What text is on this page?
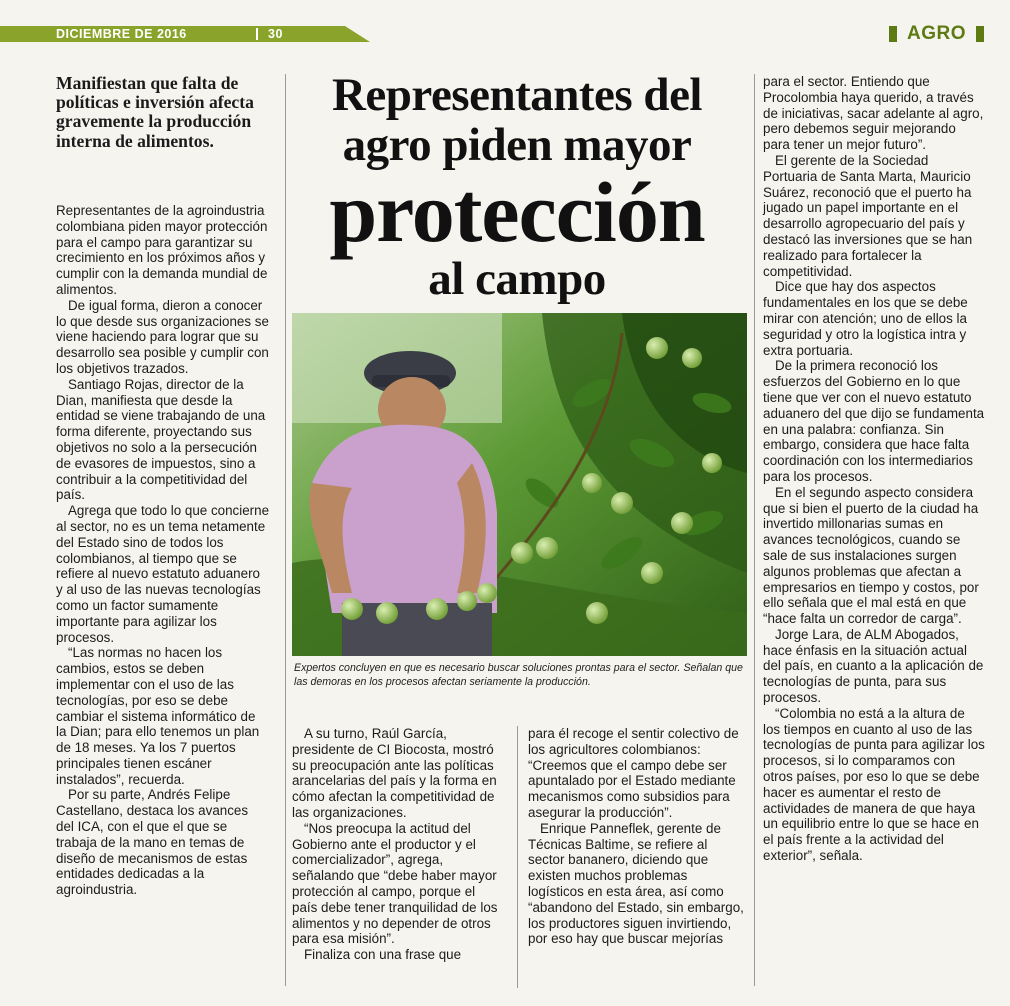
DICIEMBRE DE 2016	30	AGRO
Manifiestan que falta de políticas e inversión afecta gravemente la producción interna de alimentos.
Representantes del
agro piden mayor
protección
al campo
Expertos concluyen en que es necesario buscar soluciones prontas para el sector. Señalan que las demoras en los procesos afectan seriamente la producción.

Representantes de la agroindustria colombiana piden mayor protección para el campo para garantizar su crecimiento en los próximos años y cumplir con la demanda mundial de alimentos.

De igual forma, dieron a conocer lo que desde sus organizaciones se viene haciendo para lograr que su desarrollo sea posible y cumplir con los objetivos trazados.

Santiago Rojas, director de la Dian, manifiesta que desde la entidad se viene trabajando de una forma diferente, proyectando sus objetivos no solo a la persecución de evasores de impuestos, sino a contribuir a la competitividad del país.

Agrega que todo lo que concierne al sector, no es un tema netamente del Estado sino de todos los colombianos, al tiempo que se refiere al nuevo estatuto aduanero y al uso de las nuevas tecnologías como un factor sumamente importante para agilizar los procesos.

“Las normas no hacen los cambios, estos se deben implementar con el uso de las tecnologías, por eso se debe cambiar el sistema informático de la Dian; para ello tenemos un plan de 18 meses. Ya los 7 puertos principales tienen escáner instalados”, recuerda.

Por su parte, Andrés Felipe Castellano, destaca los avances del ICA, con el que el que se trabaja de la mano en temas de diseño de mecanismos de estas entidades dedicadas a la agroindustria.

A su turno, Raúl García, presidente de CI Biocosta, mostró su preocupación ante las políticas arancelarias del país y la forma en cómo afectan la competitividad de las organizaciones.

“Nos preocupa la actitud del Gobierno ante el productor y el comercializador”, agrega, señalando que “debe haber mayor protección al campo, porque el país debe tener tranquilidad de los alimentos y no depender de otros para esa misión”.

Finaliza con una frase que

para él recoge el sentir colectivo de los agricultores colombianos: “Creemos que el campo debe ser apuntalado por el Estado mediante mecanismos como subsidios para asegurar la producción”.

Enrique Panneflek, gerente de Técnicas Baltime, se refiere al sector bananero, diciendo que existen muchos problemas logísticos en esta área, así como “abandono del Estado, sin embargo, los productores siguen invirtiendo, por eso hay que buscar mejorías

para el sector. Entiendo que Procolombia haya querido, a través de iniciativas, sacar adelante al agro, pero debemos seguir mejorando para tener un mejor futuro”.

El gerente de la Sociedad Portuaria de Santa Marta, Mauricio Suárez, reconoció que el puerto ha jugado un papel importante en el desarrollo agropecuario del país y destacó las inversiones que se han realizado para fortalecer la competitividad.

Dice que hay dos aspectos fundamentales en los que se debe mirar con atención; uno de ellos la seguridad y otro la logística intra y extra portuaria.

De la primera reconoció los esfuerzos del Gobierno en lo que tiene que ver con el nuevo estatuto aduanero del que dijo se fundamenta en una palabra: confianza. Sin embargo, considera que hace falta coordinación con los intermediarios para los procesos.

En el segundo aspecto considera que si bien el puerto de la ciudad ha invertido millonarias sumas en avances tecnológicos, cuando se sale de sus instalaciones surgen algunos problemas que afectan a empresarios en tiempo y costos, por ello señala que el mal está en que “hace falta un corredor de carga”.

Jorge Lara, de ALM Abogados, hace énfasis en la situación actual del país, en cuanto a la aplicación de tecnologías de punta, para sus procesos.

“Colombia no está a la altura de los tiempos en cuanto al uso de las tecnologías de punta para agilizar los procesos, si lo comparamos con otros países, por eso lo que se debe hacer es aumentar el resto de actividades de manera de que haya un equilibrio entre lo que se hace en el país frente a la actividad del exterior”, señala.
